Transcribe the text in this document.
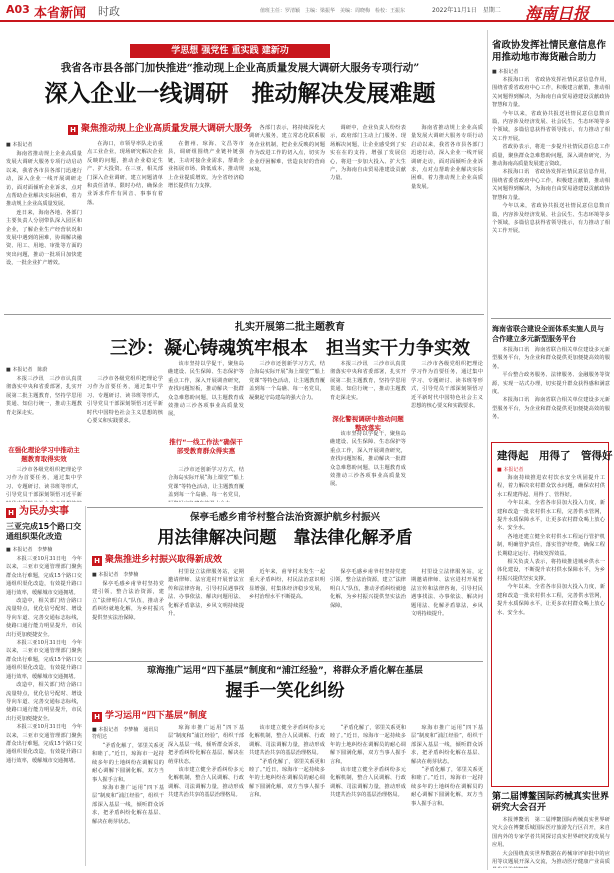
A03 本省新闻 时政	值班主任：罗清颖　主编：梁振华　美编：周晓梅　检校：王振东	2022年11月1日　星期二 海南日报
学思想 强党性 重实践 建新功
我省各市县各部门加快推进“推动现上企业高质量发展大调研大服务专项行动”
深入企业一线调研　推动解决发展难题
H 聚焦推动规上企业高质量发展大调研大服务
■ 本报记者

海南省推动规上企业高质量发展大调研大服务专项行动启动以来，我省各市县各部门迅速行动，深入企业一线开展调研走访，面对面倾听企业诉求，点对点帮助企业解决实际困难，着力推动规上企业高质量发展。

连日来，海南各地、各部门主要负责人分别带队深入园区和企业，了解企业生产经营状况和发展中遇到的困难，协调解决融资、用工、用地、审批等方面的突出问题，推动一批项目加快建设，一批企业扩产增效。

在海口，市领导率队走访重点工业企业，现场研究解决企业反映的问题，推动企业稳定生产、扩大投资。在三亚，相关部门深入企业调研，建立问题清单和责任清单，限时办结，确保企业诉求件件有回音、事事有着落。

在儋州、琼海、文昌等市县，调研组围绕产业链补链强链，主动对接企业需求，帮助企业拓展市场、降低成本，推动规上企业提质增效，为全省经济稳增长提供有力支撑。

各部门表示，将持续深化大调研大服务，建立常态化联系服务企业机制，把企业反映的问题作为改进工作的切入点，切实为企业纾困解难，营造良好的营商环境。

调研中，企业负责人纷纷表示，政府部门主动上门服务、现场解决问题，让企业感受到了实实在在的支持，增强了发展信心，将进一步加大投入、扩大生产，为海南自由贸易港建设贡献力量。

海南省推动规上企业高质量发展大调研大服务专项行动启动以来，我省各市县各部门迅速行动，深入企业一线开展调研走访，面对面倾听企业诉求，点对点帮助企业解决实际困难，着力推动规上企业高质量发展。

扎实开展第二批主题教育
三沙：凝心铸魂筑牢根本　担当实干力争实效
■ 本报记者　陈蔚

本报三沙讯　三沙市认真贯彻落实中央和省委部署，扎实开展第二批主题教育，坚持学思用贯通、知信行统一，推动主题教育走深走实。

在强化理论学习中推动主题教育取得实效

三沙市各级党组织把理论学习作为首要任务，通过集中学习、专题研讨、读书班等形式，引导党员干部深刻领悟习近平新

三沙市各级党组织把理论学习作为首要任务，通过集中学习、专题研讨、读书班等形式，引导党员干部深刻领悟习近平新时代中国特色社会主义思想的核心要义和实践要求。

该市坚持以学促干，聚焦岛礁建设、民生保障、生态保护等重点工作，深入开展调查研究，查找问题短板，推动解决一批群众急难愁盼问题，以主题教育成效推动三沙各项事业高质量发展。

推行“一线工作法”确保干部受教育群众得实惠

三沙市还创新学习方式，结合海岛实际开展“海上课堂”“船上党课”等特色活动，让主题教育覆盖到每一个岛礁、每一名党员，

三沙市还创新学习方式，结合海岛实际开展“海上课堂”“船上党课”等特色活动，让主题教育覆盖到每一个岛礁、每一名党员，凝聚起守岛建岛的强大合力。

本报三沙讯　三沙市认真贯彻落实中央和省委部署，扎实开展第二批主题教育，坚持学思用贯通、知信行统一，推动主题教育走深走实。

深化警视调研中推动问题整改落实

该市坚持以学促干，聚焦岛礁建设、民生保障、生态保护等重点工作，深入开展调查研究，查找问题短板，推动解决一批群众急难愁盼问题，以主题教育成效推动三沙各项事业高质量发展。

三沙市各级党组织把理论学习作为首要任务，通过集中学习、专题研讨、读书班等形式，引导党员干部深刻领悟习近平新时代中国特色社会主义思想的核心要义和实践要求。

H 为民办实事
三亚完成15个路口交通组织渠化改造
■ 本报记者　李梦楠

本报三亚10月31日电　今年以来，三亚市交通管理部门聚焦群众出行难题，完成15个路口交通组织渠化改造，有效提升路口通行效率，缓解城市交通拥堵。

改造中，相关部门结合路口流量特点，优化信号配时、增设导向车道、完善交通标志标线，使路口通行能力明显提升，市民出行更加便捷安全。

本报三亚10月31日电　今年以来，三亚市交通管理部门聚焦群众出行难题，完成15个路口交通组织渠化改造，有效提升路口通行效率，缓解城市交通拥堵。

改造中，相关部门结合路口流量特点，优化信号配时、增设导向车道、完善交通标志标线，使路口通行能力明显提升，市民出行更加便捷安全。

本报三亚10月31日电　今年以来，三亚市交通管理部门聚焦群众出行难题，完成15个路口交通组织渠化改造，有效提升路口通行效率，缓解城市交通拥堵。

保亭毛感乡甫爷村整合法治资源护航乡村振兴
用法律解决问题　靠法律化解矛盾
H 聚焦推进乡村振兴取得新成效
■ 本报记者　李梦楠

保亭毛感乡甫爷村坚持党建引领，整合法治资源，建立“法律明白人”队伍，推动矛盾纠纷就地化解，为乡村振兴提供坚实法治保障。

村里设立法律服务站，定期邀请律师、法官进村开展普法宣传和法律咨询，引导村民遇事找法、办事依法、解决问题用法、化解矛盾靠法，乡风文明持续提升。

近年来，甫爷村未发生一起重大矛盾纠纷，村民法治意识明显增强，村集体经济稳步发展，乡村治理水平不断提高。

保亭毛感乡甫爷村坚持党建引领，整合法治资源，建立“法律明白人”队伍，推动矛盾纠纷就地化解，为乡村振兴提供坚实法治保障。

村里设立法律服务站，定期邀请律师、法官进村开展普法宣传和法律咨询，引导村民遇事找法、办事依法、解决问题用法、化解矛盾靠法，乡风文明持续提升。

琼海推广运用“四下基层”制度和“浦江经验”，将群众矛盾化解在基层
握手一笑化纠纷
H 学习运用“四下基层”制度
■ 本报记者　李梦楠　通讯员　符绍达

“矛盾化解了，邻里关系更和睦了。”近日，琼海市一起持续多年的土地纠纷在调解员的耐心调解下圆满化解，双方当事人握手言和。

琼海市推广运用“四下基层”制度和“浦江经验”，组织干部深入基层一线，倾听群众诉求，把矛盾纠纷化解在基层、解决在萌芽状态。

琼海市推广运用“四下基层”制度和“浦江经验”，组织干部深入基层一线，倾听群众诉求，把矛盾纠纷化解在基层、解决在萌芽状态。

该市建立健全矛盾纠纷多元化解机制，整合人民调解、行政调解、司法调解力量，推动形成共建共治共享的基层治理格局。

该市建立健全矛盾纠纷多元化解机制，整合人民调解、行政调解、司法调解力量，推动形成共建共治共享的基层治理格局。

“矛盾化解了，邻里关系更和睦了。”近日，琼海市一起持续多年的土地纠纷在调解员的耐心调解下圆满化解，双方当事人握手言和。

“矛盾化解了，邻里关系更和睦了。”近日，琼海市一起持续多年的土地纠纷在调解员的耐心调解下圆满化解，双方当事人握手言和。

该市建立健全矛盾纠纷多元化解机制，整合人民调解、行政调解、司法调解力量，推动形成共建共治共享的基层治理格局。

琼海市推广运用“四下基层”制度和“浦江经验”，组织干部深入基层一线，倾听群众诉求，把矛盾纠纷化解在基层、解决在萌芽状态。

“矛盾化解了，邻里关系更和睦了。”近日，琼海市一起持续多年的土地纠纷在调解员的耐心调解下圆满化解，双方当事人握手言和。

省政协发挥社情民意信息作用推动地市海货融合助力
■ 本报记者

本报海口讯　省政协发挥社情民意信息作用，围绕省委省政府中心工作，积极建言献策，推动相关问题得到解决，为海南自由贸易港建设贡献政协智慧和力量。

今年以来，省政协共报送社情民意信息数百篇，内容涉及经济发展、社会民生、生态环境等多个领域，多篇信息获得省领导批示，有力推动了相关工作开展。

省政协表示，将进一步提升社情民意信息工作质量，聚焦群众急难愁盼问题，深入调查研究，为推动海南高质量发展建言资政。

本报海口讯　省政协发挥社情民意信息作用，围绕省委省政府中心工作，积极建言献策，推动相关问题得到解决，为海南自由贸易港建设贡献政协智慧和力量。

今年以来，省政协共报送社情民意信息数百篇，内容涉及经济发展、社会民生、生态环境等多个领域，多篇信息获得省领导批示，有力推动了相关工作开展。

海南省联合建设全面体系实施人员与合作建立多元新型服务平台

本报海口讯　海南省联合相关单位建设多元新型服务平台，为企业和群众提供更加便捷高效的服务。

平台整合政务服务、法律服务、金融服务等资源，实现一站式办理，切实提升群众获得感和满意度。

本报海口讯　海南省联合相关单位建设多元新型服务平台，为企业和群众提供更加便捷高效的服务。

建得起　用得了　管得好
■ 本报记者

海南持续推进农村饮水安全巩固提升工程，着力解决农村群众饮水问题，确保农村供水工程建得起、用得了、管得好。

今年以来，全省各市县加大投入力度，新建和改造一批农村供水工程，完善供水管网，提升水质保障水平，让更多农村群众喝上放心水、安全水。

各地还建立健全农村供水工程运行管护机制，明确管护责任，落实管护经费，确保工程长期稳定运行、持续发挥效益。

相关负责人表示，将持续推进城乡供水一体化建设，不断提升农村供水保障水平，为乡村振兴提供坚实支撑。

今年以来，全省各市县加大投入力度，新建和改造一批农村供水工程，完善供水管网，提升水质保障水平，让更多农村群众喝上放心水、安全水。

第二届博鳌国际药械真实世界研究大会召开

本报博鳌讯　第二届博鳌国际药械真实世界研究大会在博鳌乐城国际医疗旅游先行区召开，来自国内外的专家学者共同探讨真实世界研究的发展与应用。

大会围绕真实世界数据在药械审评审批中的应用等议题展开深入交流，为推动医疗健康产业高质
